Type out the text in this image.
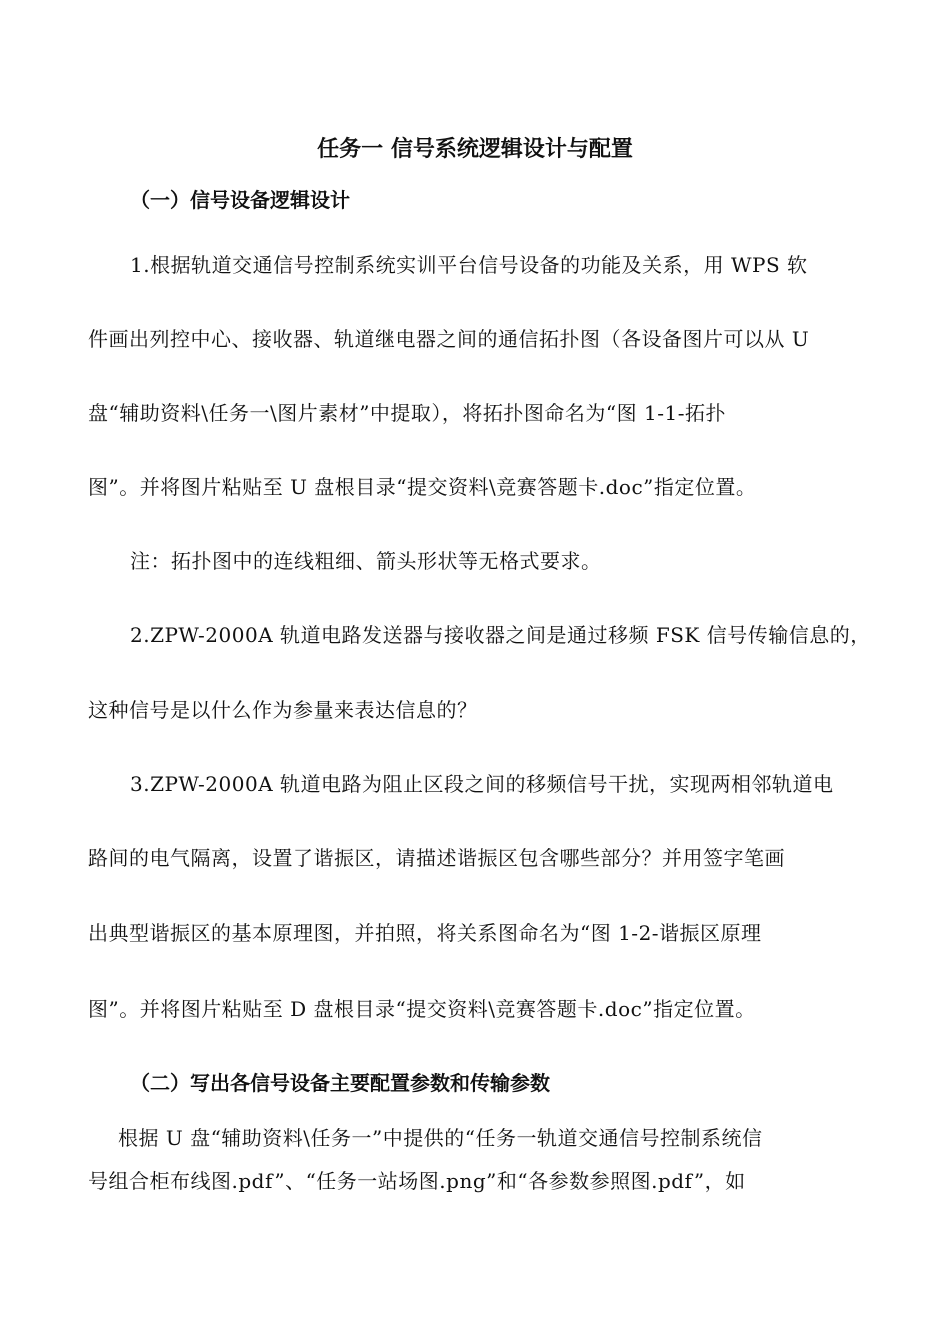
任务一 信号系统逻辑设计与配置
（一）信号设备逻辑设计
1.根据轨道交通信号控制系统实训平台信号设备的功能及关系，用 WPS 软
件画出列控中心、接收器、轨道继电器之间的通信拓扑图（各设备图片可以从 U
盘“辅助资料\任务一\图片素材”中提取），将拓扑图命名为“图 1-1-拓扑
图”。并将图片粘贴至 U 盘根目录“提交资料\竞赛答题卡.doc”指定位置。
注：拓扑图中的连线粗细、箭头形状等无格式要求。
2.ZPW-2000A 轨道电路发送器与接收器之间是通过移频 FSK 信号传输信息的，
这种信号是以什么作为参量来表达信息的？
3.ZPW-2000A 轨道电路为阻止区段之间的移频信号干扰，实现两相邻轨道电
路间的电气隔离，设置了谐振区，请描述谐振区包含哪些部分？并用签字笔画
出典型谐振区的基本原理图，并拍照，将关系图命名为“图 1-2-谐振区原理
图”。并将图片粘贴至 D 盘根目录“提交资料\竞赛答题卡.doc”指定位置。
（二）写出各信号设备主要配置参数和传输参数
根据 U 盘“辅助资料\任务一”中提供的“任务一轨道交通信号控制系统信
号组合柜布线图.pdf”、“任务一站场图.png”和“各参数参照图.pdf”，如
